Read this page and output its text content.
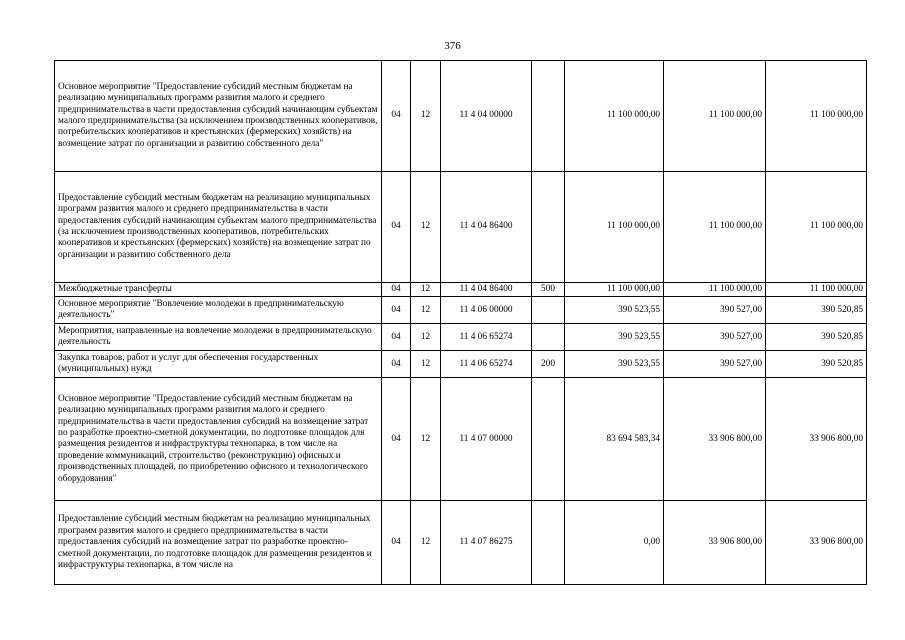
376
Основное мероприятие "Предоставление субсидий местным бюджетам на реализацию муниципальных программ развития малого и среднего предпринимательства в части предоставления субсидий начинающим субъектам малого предпринимательства (за исключением производственных кооперативов, потребительских кооперативов и крестьянских (фермерских) хозяйств) на возмещение затрат по организации и развитию собственного дела"	04	12	11 4 04 00000		11 100 000,00	11 100 000,00	11 100 000,00
Предоставление субсидий местным бюджетам на реализацию муниципальных программ развития малого и среднего предпринимательства в части предоставления субсидий начинающим субъектам малого предпринимательства (за исключением производственных кооперативов, потребительских кооперативов и крестьянских (фермерских) хозяйств) на возмещение затрат по организации и развитию собственного дела	04	12	11 4 04 86400		11 100 000,00	11 100 000,00	11 100 000,00
Межбюджетные трансферты	04	12	11 4 04 86400	500	11 100 000,00	11 100 000,00	11 100 000,00
Основное мероприятие "Вовлечение молодежи в предпринимательскую деятельность"	04	12	11 4 06 00000		390 523,55	390 527,00	390 520,85
Мероприятия, направленные на вовлечение молодежи в предпринимательскую деятельность	04	12	11 4 06 65274		390 523,55	390 527,00	390 520,85
Закупка товаров, работ и услуг для обеспечения государственных (муниципальных) нужд	04	12	11 4 06 65274	200	390 523,55	390 527,00	390 520,85
Основное мероприятие "Предоставление субсидий местным бюджетам на реализацию муниципальных программ развития малого и среднего предпринимательства в части предоставления субсидий на возмещение затрат по разработке проектно-сметной документации, по подготовке площадок для размещения резидентов и инфраструктуры технопарка, в том числе на проведение коммуникаций, строительство (реконструкцию) офисных и производственных площадей, по приобретению офисного и технологического оборудования"	04	12	11 4 07 00000		83 694 583,34	33 906 800,00	33 906 800,00
Предоставление субсидий местным бюджетам на реализацию муниципальных программ развития малого и среднего предпринимательства в части предоставления субсидий на возмещение затрат по разработке проектно-сметной документации, по подготовке площадок для размещения резидентов и инфраструктуры технопарка, в том числе на	04	12	11 4 07 86275		0,00	33 906 800,00	33 906 800,00
